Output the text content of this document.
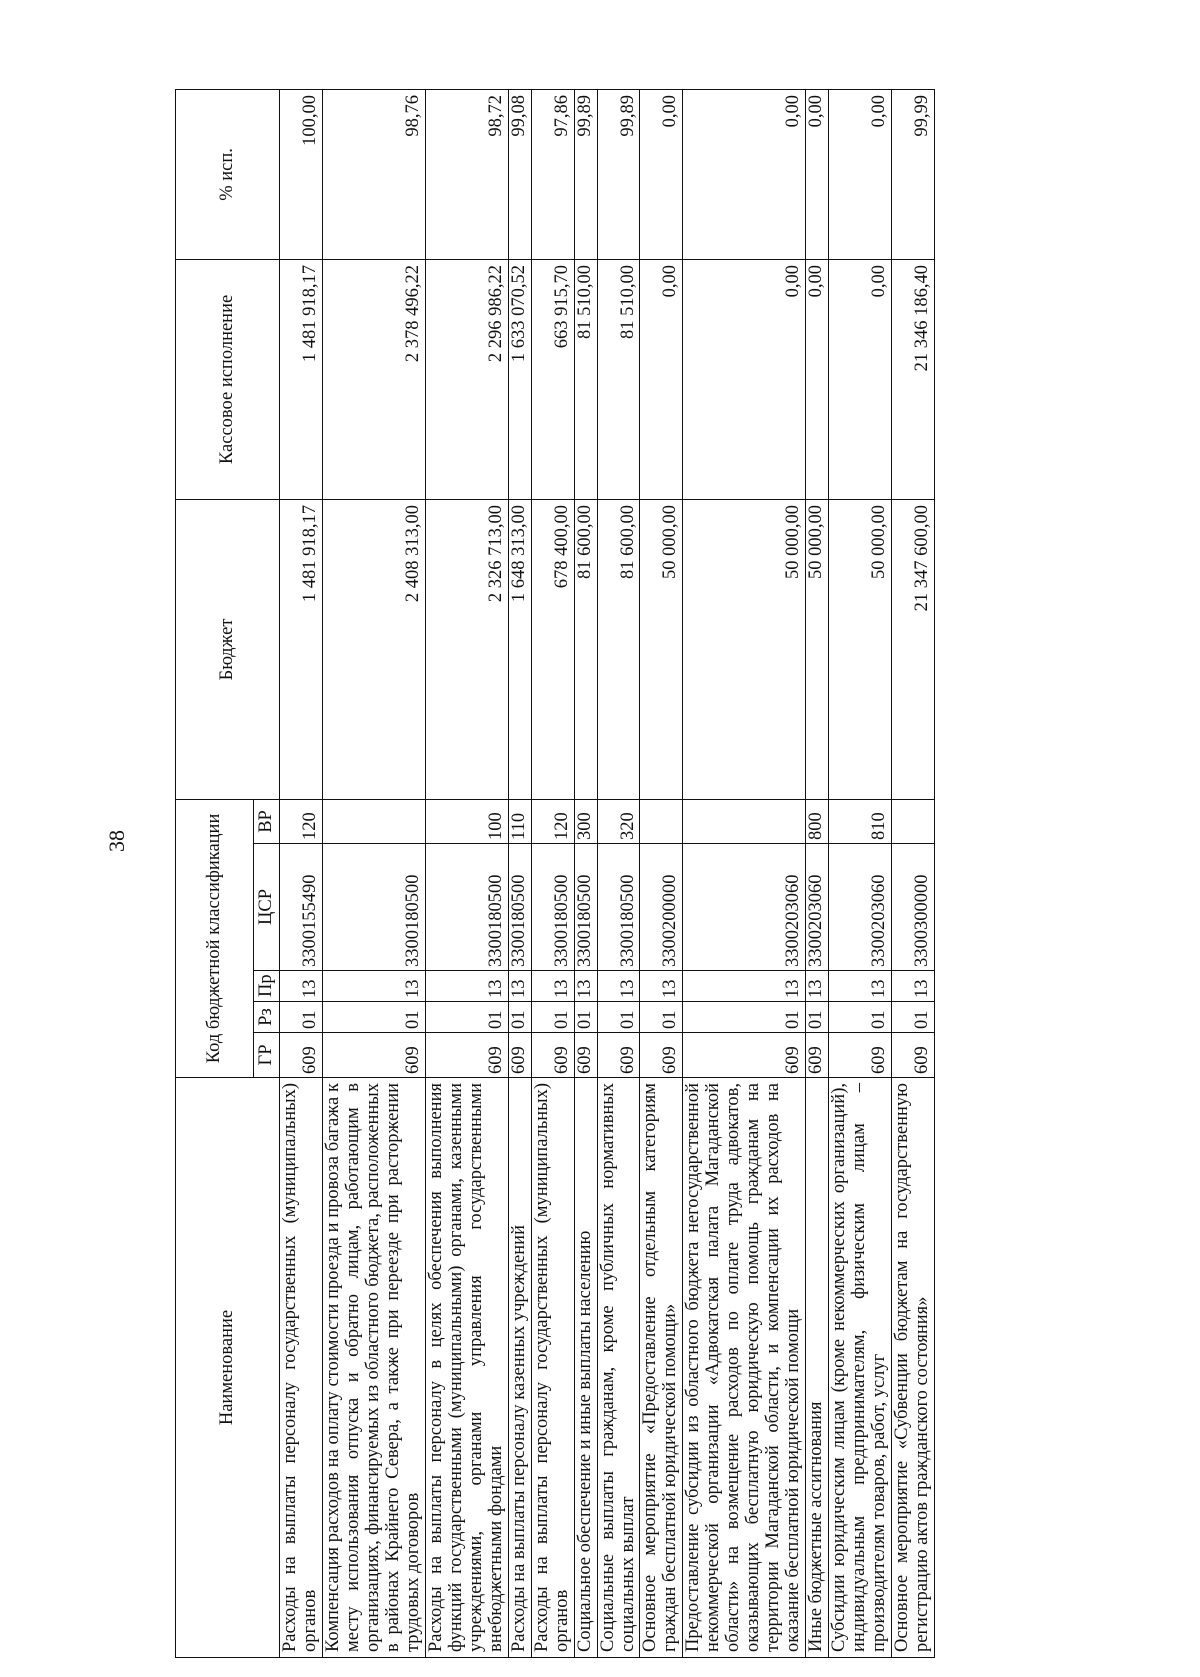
38
Наименование	Код бюджетной классификации					Бюджет	Кассовое исполнение	% исп.
	ГР	Рз	Пр	ЦСР	ВР			
Расходы на выплаты персоналу государственных (муниципальных) органов	609	01	13	3300155490	120	1 481 918,17	1 481 918,17	100,00
Компенсация расходов на оплату стоимости проезда и провоза багажа к месту использования отпуска и обратно лицам, работающим в организациях, финансируемых из областного бюджета, расположенных в районах Крайнего Севера, а также при переезде при расторжении трудовых договоров	609	01	13	3300180500		2 408 313,00	2 378 496,22	98,76
Расходы на выплаты персоналу в целях обеспечения выполнения функций государственными (муниципальными) органами, казенными учреждениями, органами управления государственными внебюджетными фондами	609	01	13	3300180500	100	2 326 713,00	2 296 986,22	98,72
Расходы на выплаты персоналу казенных учреждений	609	01	13	3300180500	110	1 648 313,00	1 633 070,52	99,08
Расходы на выплаты персоналу государственных (муниципальных) органов	609	01	13	3300180500	120	678 400,00	663 915,70	97,86
Социальное обеспечение и иные выплаты населению	609	01	13	3300180500	300	81 600,00	81 510,00	99,89
Социальные выплаты гражданам, кроме публичных нормативных социальных выплат	609	01	13	3300180500	320	81 600,00	81 510,00	99,89
Основное мероприятие «Предоставление отдельным категориям граждан бесплатной юридической помощи»	609	01	13	3300200000		50 000,00	0,00	0,00
Предоставление субсидии из областного бюджета негосударственной некоммерческой организации «Адвокатская палата Магаданской области» на возмещение расходов по оплате труда адвокатов, оказывающих бесплатную юридическую помощь гражданам на территории Магаданской области, и компенсации их расходов на оказание бесплатной юридической помощи	609	01	13	3300203060		50 000,00	0,00	0,00
Иные бюджетные ассигнования	609	01	13	3300203060	800	50 000,00	0,00	0,00
Субсидии юридическим лицам (кроме некоммерческих организаций), индивидуальным предпринимателям, физическим лицам – производителям товаров, работ, услуг	609	01	13	3300203060	810	50 000,00	0,00	0,00
Основное мероприятие «Субвенции бюджетам на государственную регистрацию актов гражданского состояния»	609	01	13	3300300000		21 347 600,00	21 346 186,40	99,99
